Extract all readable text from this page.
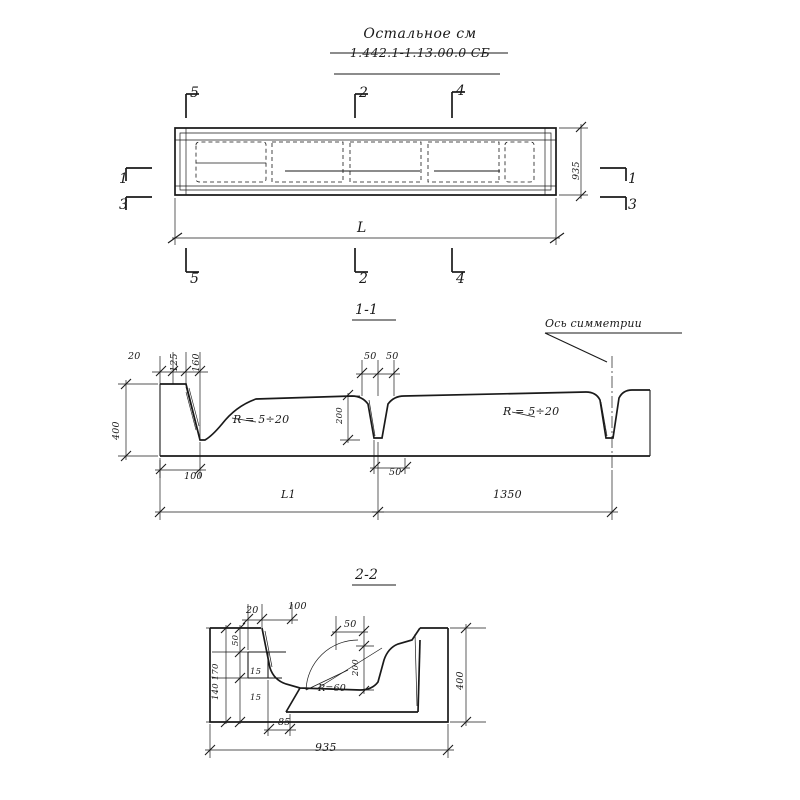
Остальное см
1.442.1-1.13.00.0 СБ
5	2	4
5	2	4
1
3
1
3
L
935
1-1
Ось симметрии
20	125 160	50 50
400
200
100	50
L1	1350
R = 5÷20
R = 5÷20
2-2
20	100
50
50
15
15
140 170	200
400
85
935
R=60
